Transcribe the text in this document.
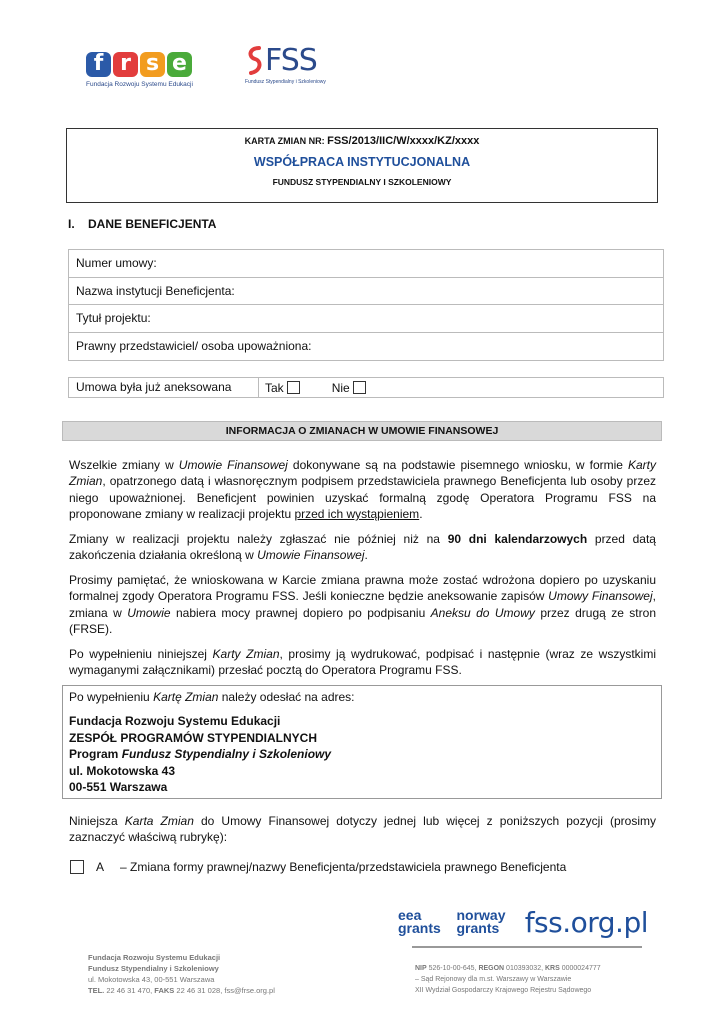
f r s e
Fundacja Rozwoju Systemu Edukacji
FSS
Fundusz Stypendialny i Szkoleniowy
KARTA ZMIAN NR: FSS/2013/IIC/W/xxxx/KZ/xxxx
WSPÓŁPRACA INSTYTUCJONALNA
FUNDUSZ STYPENDIALNY I SZKOLENIOWY
I. DANE BENEFICJENTA
Numer umowy:
Nazwa instytucji Beneficjenta:
Tytuł projektu:
Prawny przedstawiciel/ osoba upoważniona:
Umowa była już aneksowana	Tak	Nie
INFORMACJA O ZMIANACH W UMOWIE FINANSOWEJ
Wszelkie zmiany w Umowie Finansowej dokonywane są na podstawie pisemnego wniosku, w formie Karty Zmian, opatrzonego datą i własnoręcznym podpisem przedstawiciela prawnego Beneficjenta lub osoby przez niego upoważnionej. Beneficjent powinien uzyskać formalną zgodę Operatora Programu FSS na proponowane zmiany w realizacji projektu przed ich wystąpieniem.
Zmiany w realizacji projektu należy zgłaszać nie później niż na 90 dni kalendarzowych przed datą zakończenia działania określoną w Umowie Finansowej.
Prosimy pamiętać, że wnioskowana w Karcie zmiana prawna może zostać wdrożona dopiero po uzyskaniu formalnej zgody Operatora Programu FSS. Jeśli konieczne będzie aneksowanie zapisów Umowy Finansowej, zmiana w Umowie nabiera mocy prawnej dopiero po podpisaniu Aneksu do Umowy przez drugą ze stron (FRSE).
Po wypełnieniu niniejszej Karty Zmian, prosimy ją wydrukować, podpisać i następnie (wraz ze wszystkimi wymaganymi załącznikami) przesłać pocztą do Operatora Programu FSS.
Po wypełnieniu Kartę Zmian należy odesłać na adres:
Fundacja Rozwoju Systemu Edukacji
ZESPÓŁ PROGRAMÓW STYPENDIALNYCH
Program Fundusz Stypendialny i Szkoleniowy
ul. Mokotowska 43
00-551 Warszawa
Niniejsza Karta Zmian do Umowy Finansowej dotyczy jednej lub więcej z poniższych pozycji (prosimy zaznaczyć właściwą rubrykę):
A – Zmiana formy prawnej/nazwy Beneficjenta/przedstawiciela prawnego Beneficjenta
eea
grants
norway
grants fss.org.pl
Fundacja Rozwoju Systemu Edukacji
Fundusz Stypendialny i Szkoleniowy
ul. Mokotowska 43, 00-551 Warszawa
TEL. 22 46 31 470, FAKS 22 46 31 028, fss@frse.org.pl
NIP 526-10-00-645, REGON 010393032, KRS 0000024777
– Sąd Rejonowy dla m.st. Warszawy w Warszawie
XII Wydział Gospodarczy Krajowego Rejestru Sądowego
